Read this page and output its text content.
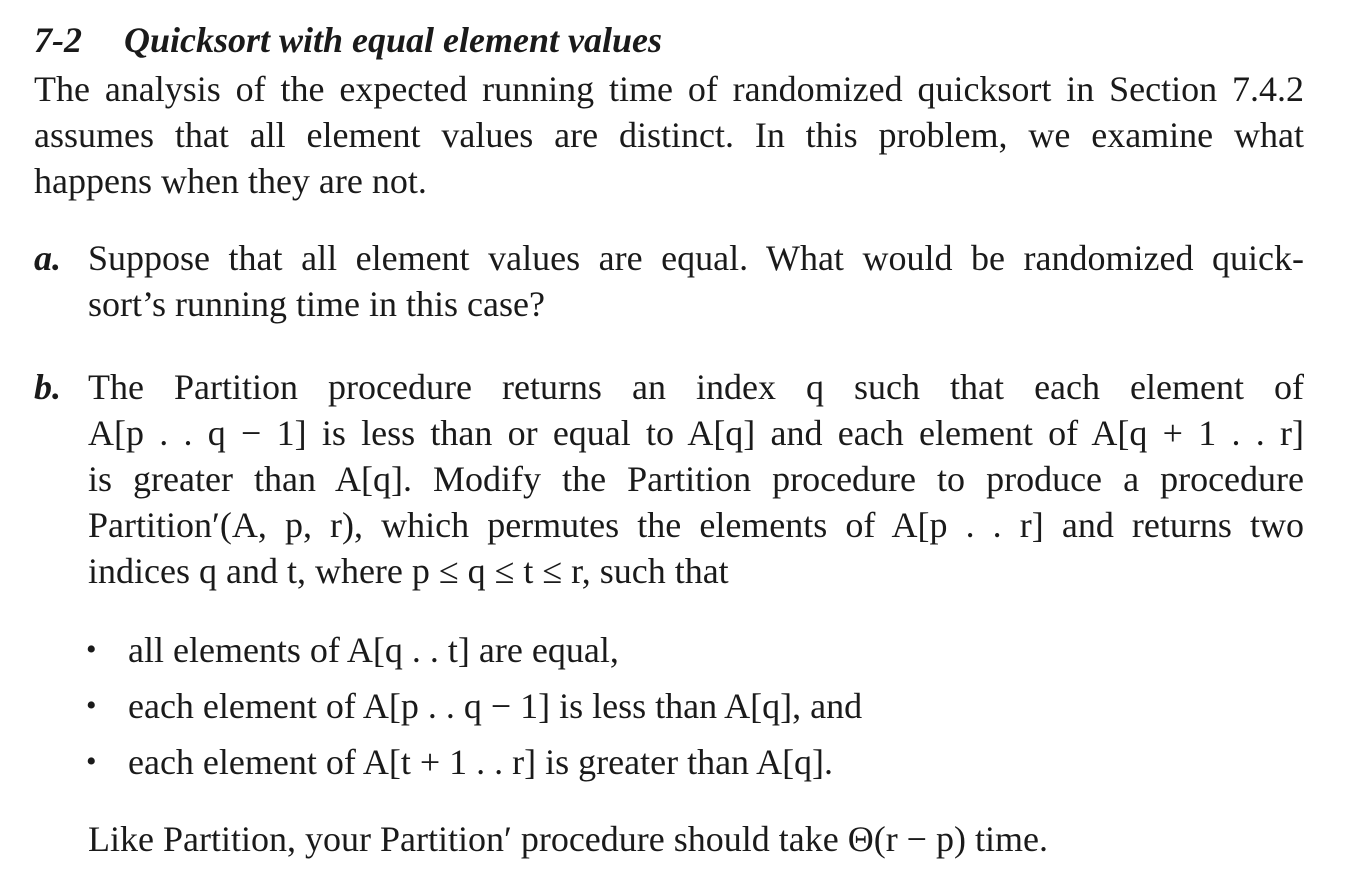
7-2 Quicksort with equal element values
The analysis of the expected running time of randomized quicksort in Section 7.4.2
assumes that all element values are distinct. In this problem, we examine what
happens when they are not.
a. Suppose that all element values are equal. What would be randomized quick-
sort’s running time in this case?
b. The Partition procedure returns an index q such that each element of
A[p . . q − 1] is less than or equal to A[q] and each element of A[q + 1 . . r]
is greater than A[q]. Modify the Partition procedure to produce a procedure
Partition′(A, p, r), which permutes the elements of A[p . . r] and returns two
indices q and t, where p ≤ q ≤ t ≤ r, such that
• all elements of A[q . . t] are equal,
• each element of A[p . . q − 1] is less than A[q], and
• each element of A[t + 1 . . r] is greater than A[q].
Like Partition, your Partition′ procedure should take Θ(r − p) time.
